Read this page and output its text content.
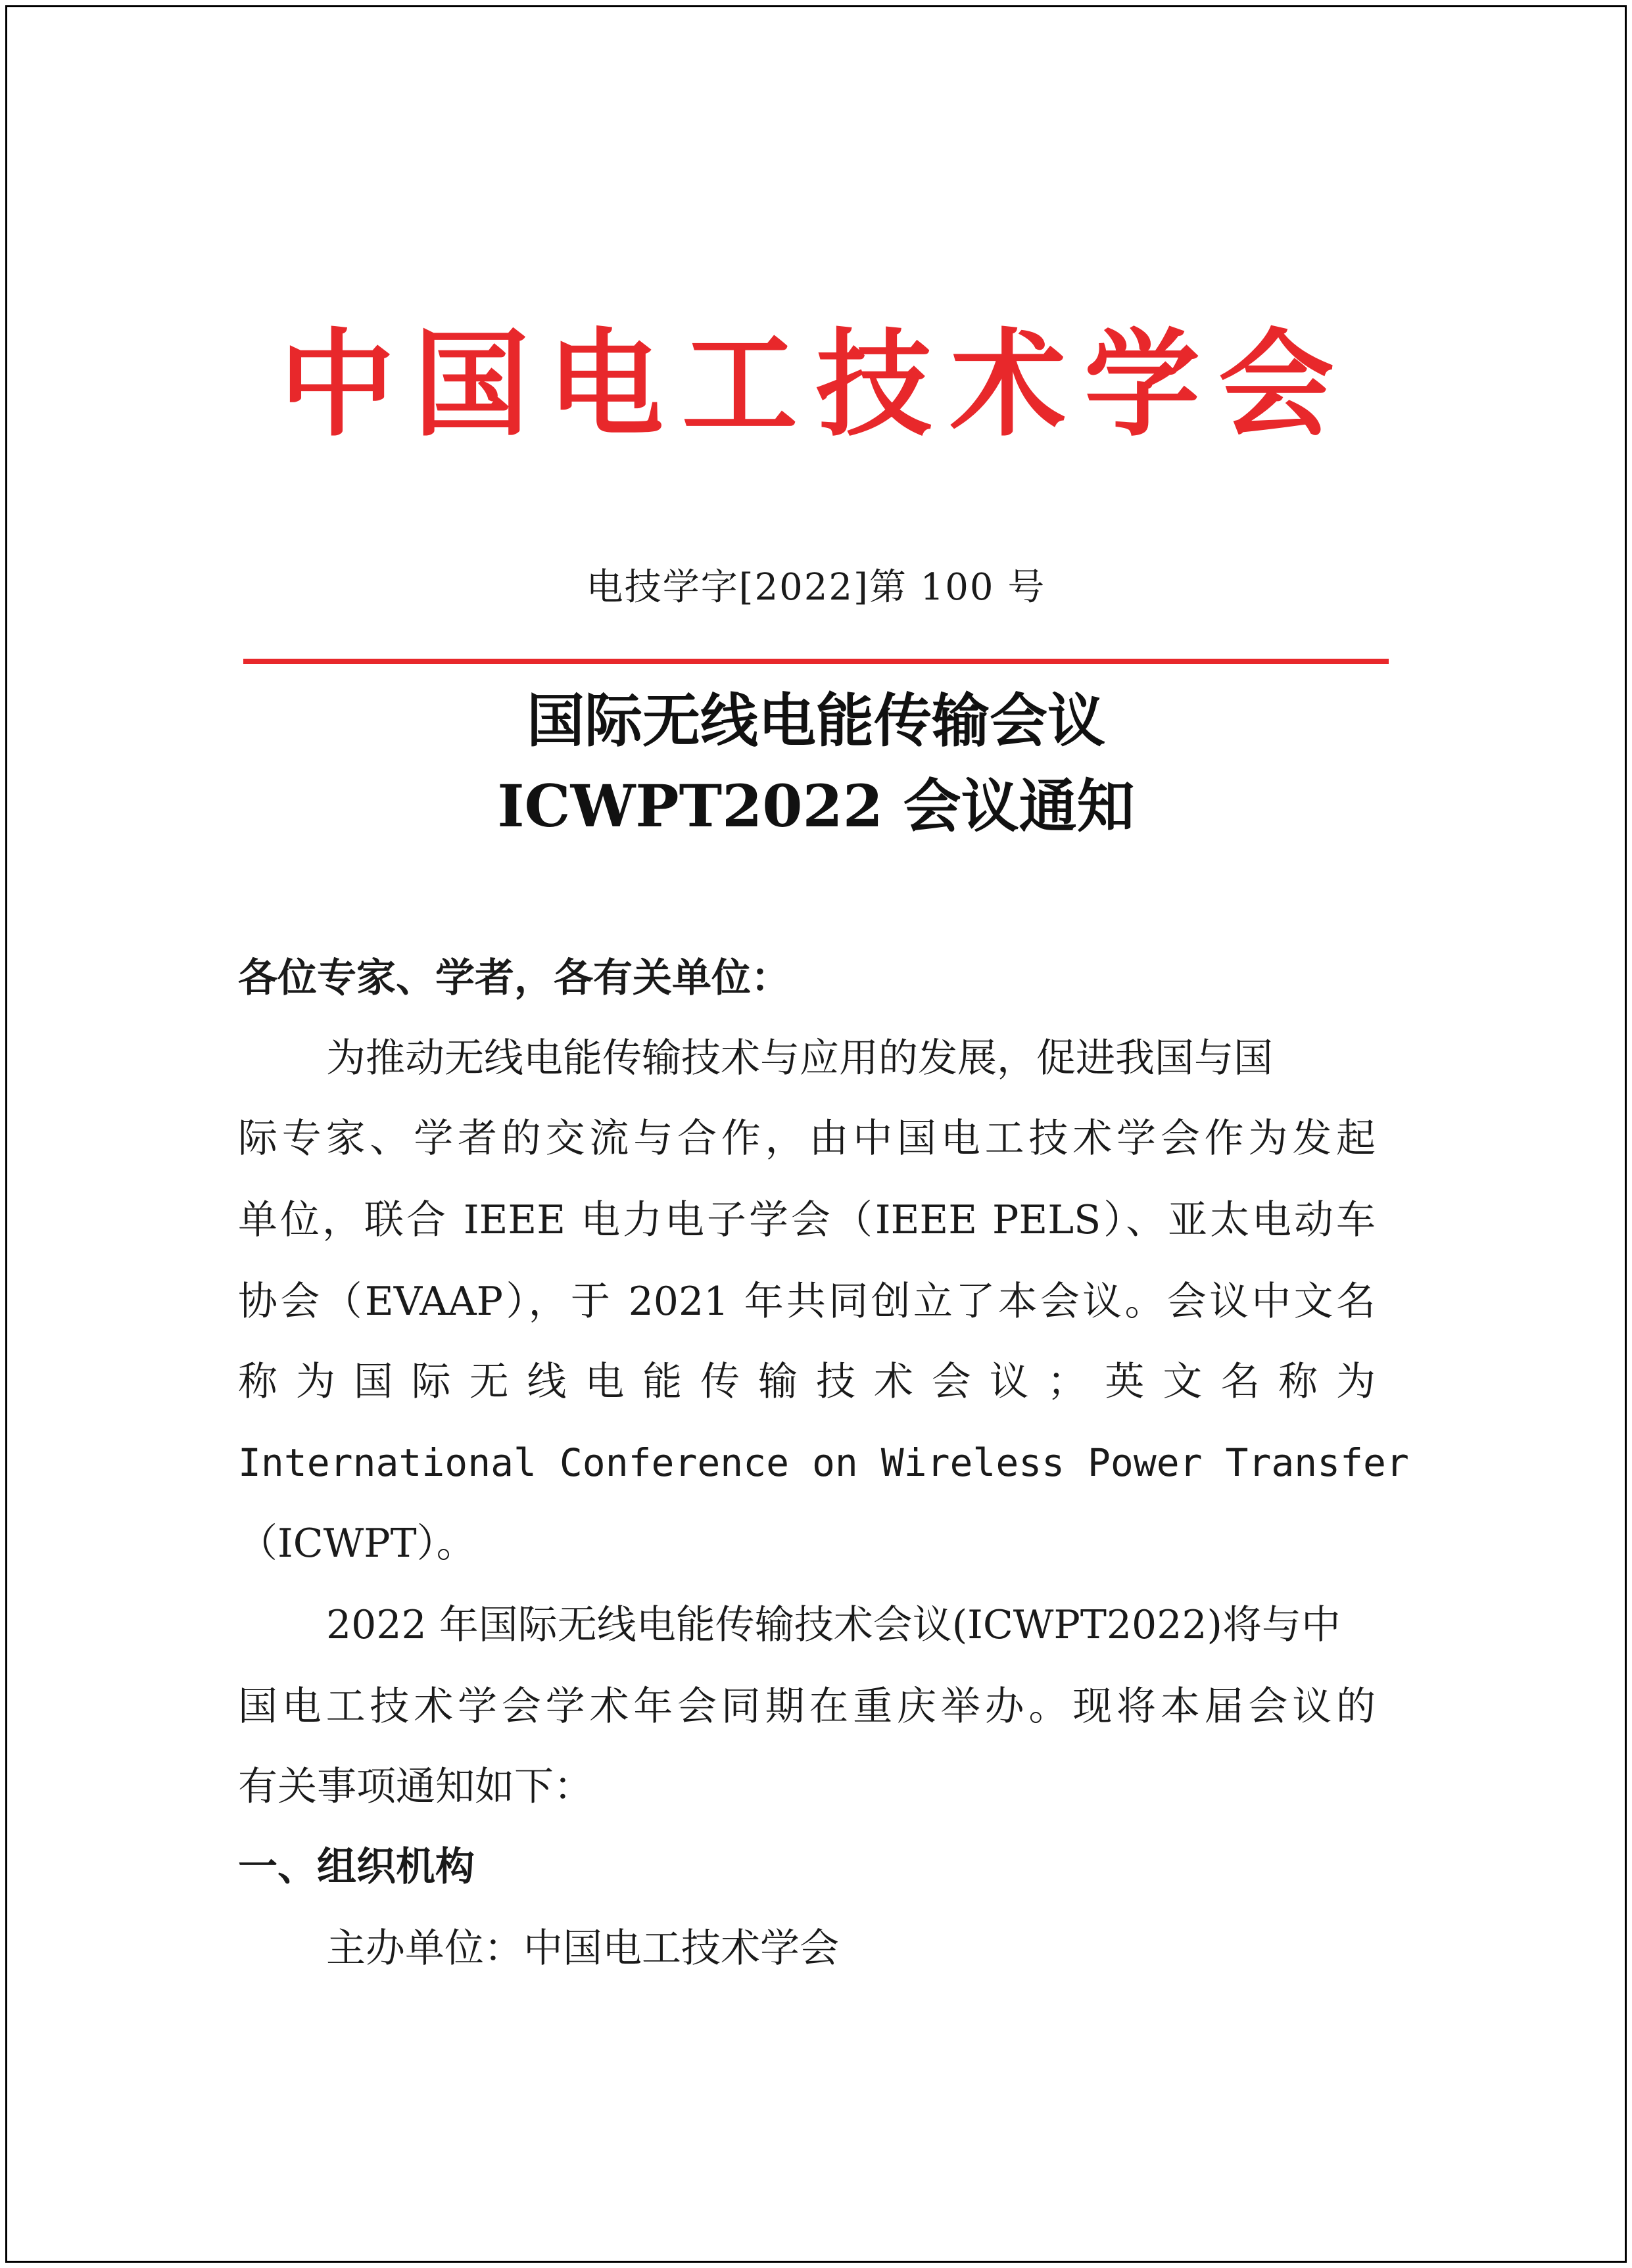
中国电工技术学会
电技学字[2022]第 100 号
国际无线电能传输会议
ICWPT2022 会议通知
各位专家、学者，各有关单位：
为推动无线电能传输技术与应用的发展，促进我国与国
际专家、学者的交流与合作，由中国电工技术学会作为发起
单位，联合 IEEE 电力电子学会（IEEE PELS）、亚太电动车
协会（EVAAP），于 2021 年共同创立了本会议。会议中文名
称为国际无线电能传输技术会议；英文名称为
International Conference on Wireless Power Transfer
（ICWPT）。
2022 年国际无线电能传输技术会议(ICWPT2022)将与中
国电工技术学会学术年会同期在重庆举办。现将本届会议的
有关事项通知如下：
一、组织机构
主办单位：中国电工技术学会
